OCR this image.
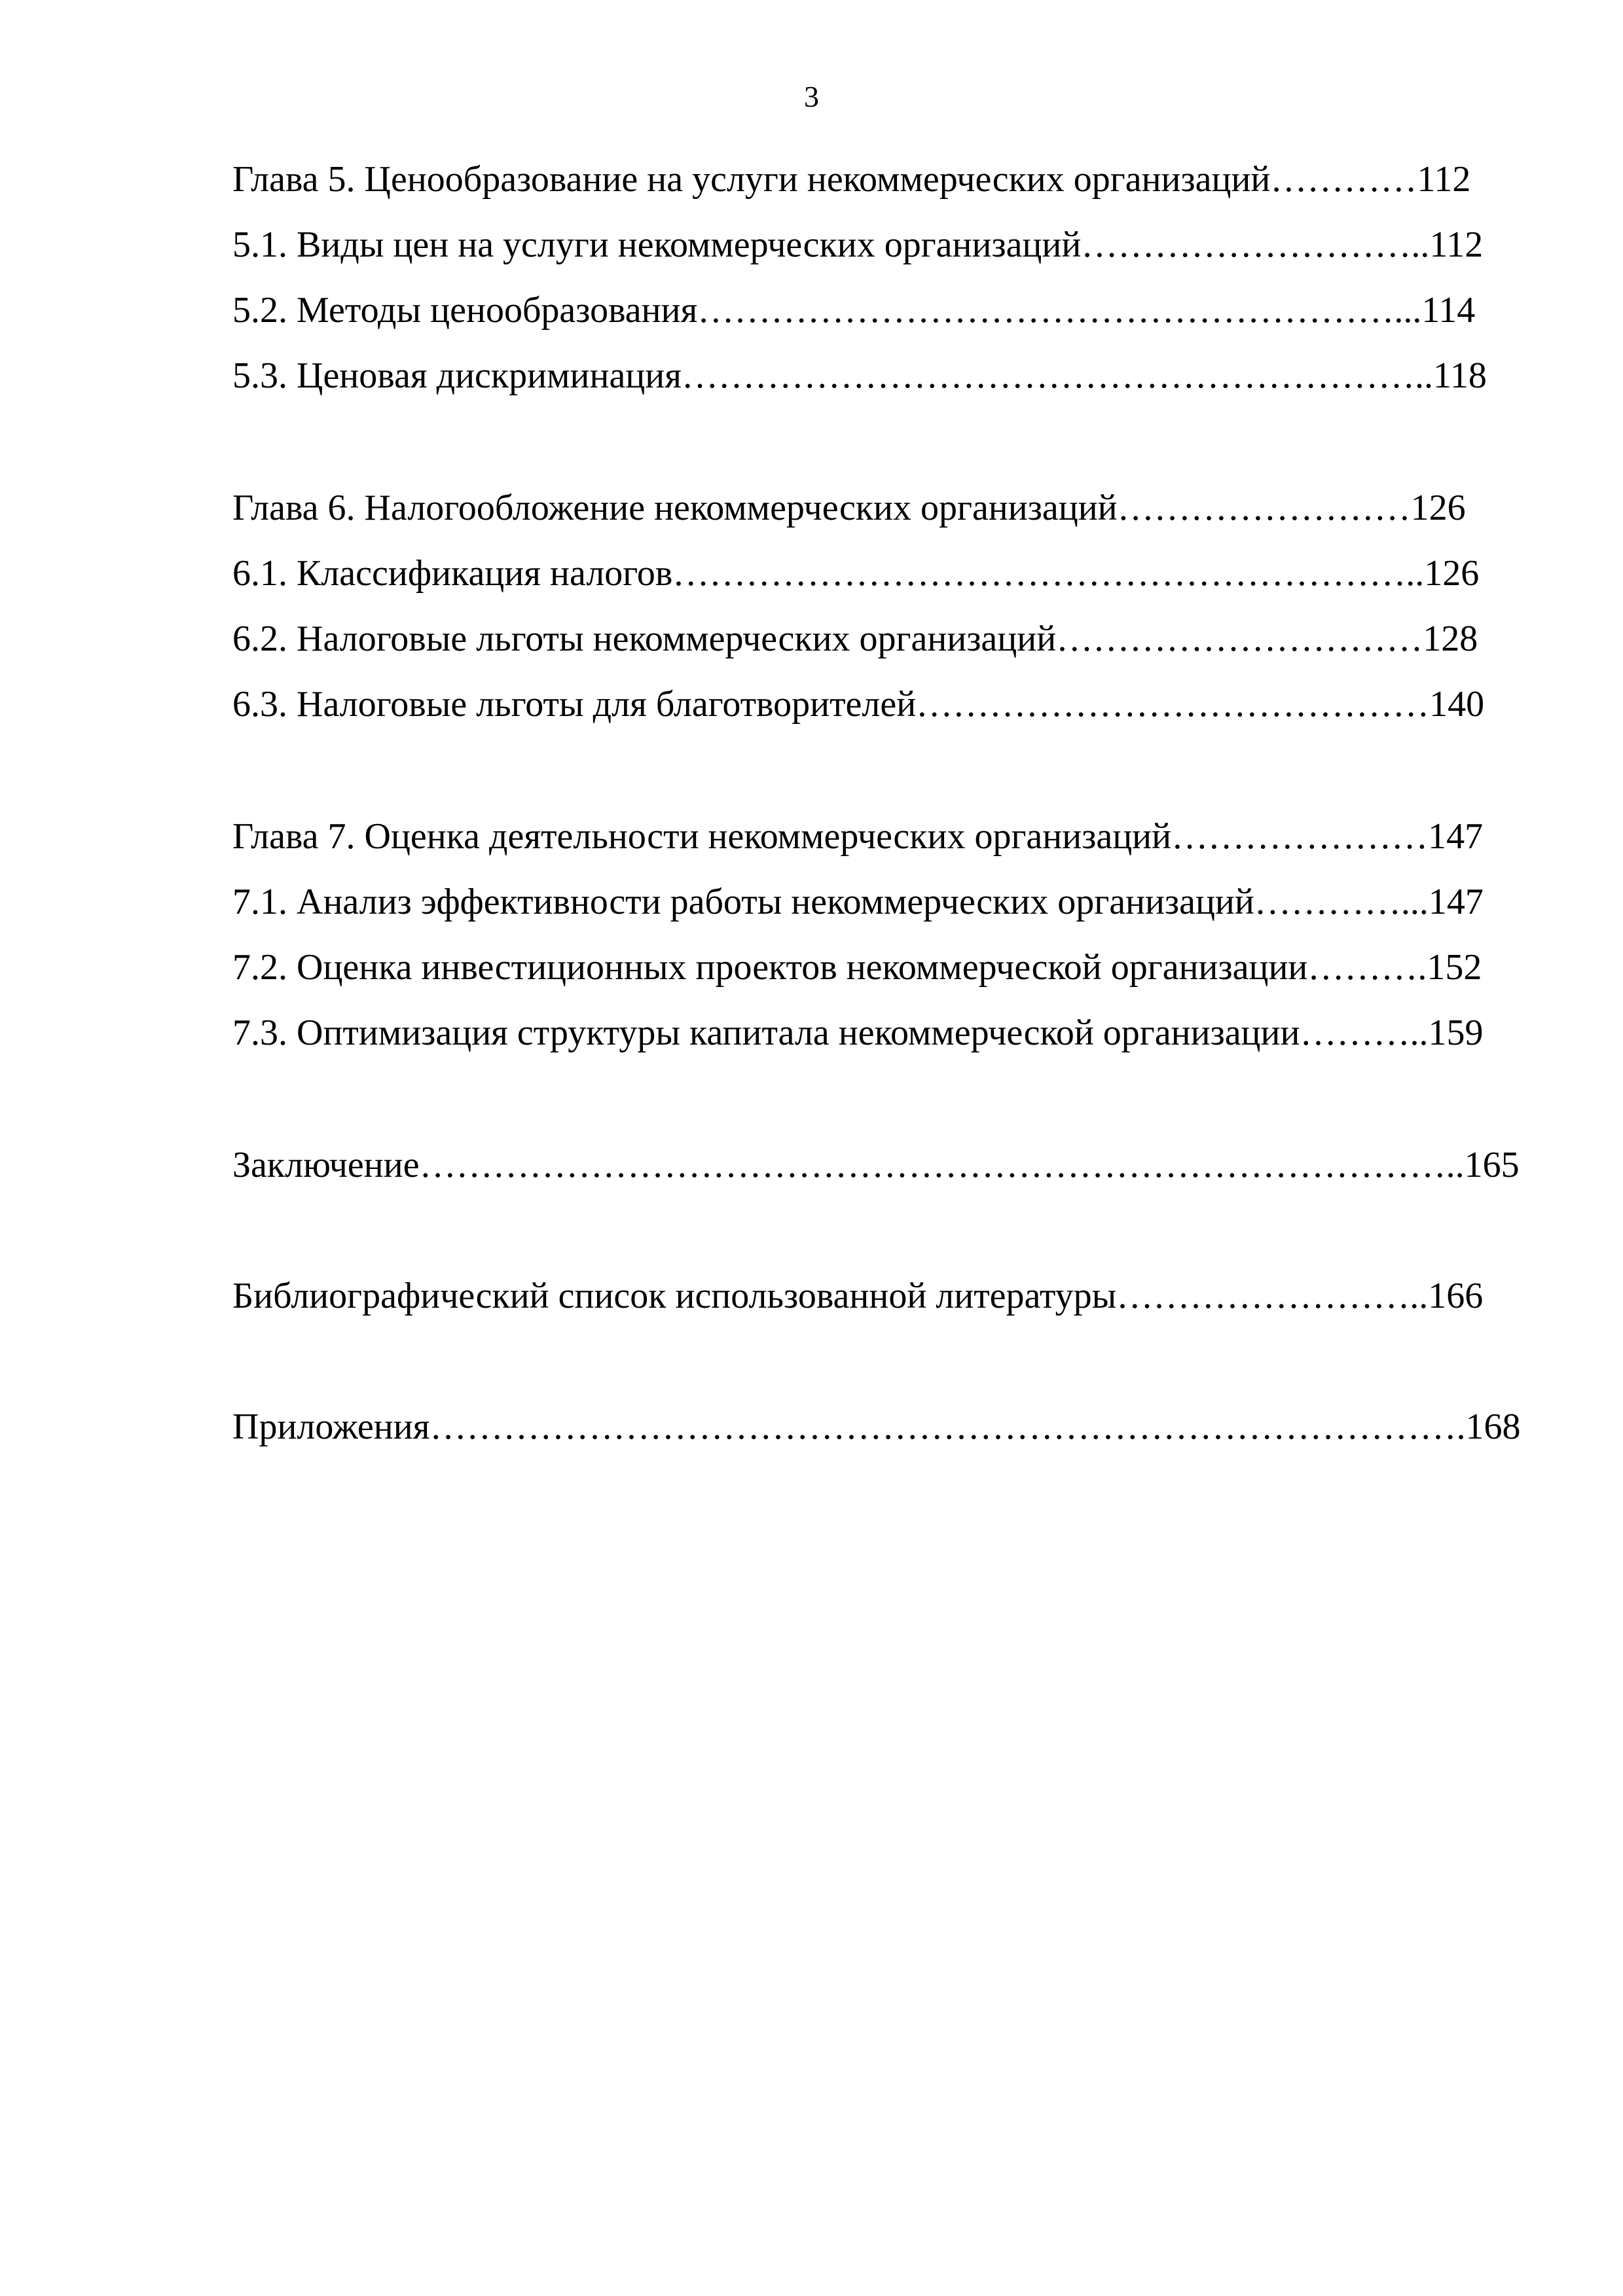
3
Глава 5. Ценообразование на услуги некоммерческих организаций…………112
5.1. Виды цен на услуги некоммерческих организаций………………………..112
5.2. Методы ценообразования…………………………………………………...114
5.3. Ценовая дискриминация……………………………………………………..118
Глава 6. Налогообложение некоммерческих организаций……………………126
6.1. Классификация налогов……………………………………………………..126
6.2. Налоговые льготы некоммерческих организаций…………………………128
6.3. Налоговые льготы для благотворителей……………………………………140
Глава 7. Оценка деятельности некоммерческих организаций…………………147
7.1. Анализ эффективности работы некоммерческих организаций…………...147
7.2. Оценка инвестиционных проектов некоммерческой организации……….152
7.3. Оптимизация структуры капитала некоммерческой организации………..159
Заключение…………………………………………………………………………..165
Библиографический список использованной литературы……………………..166
Приложения………………………………………………………………………….168
